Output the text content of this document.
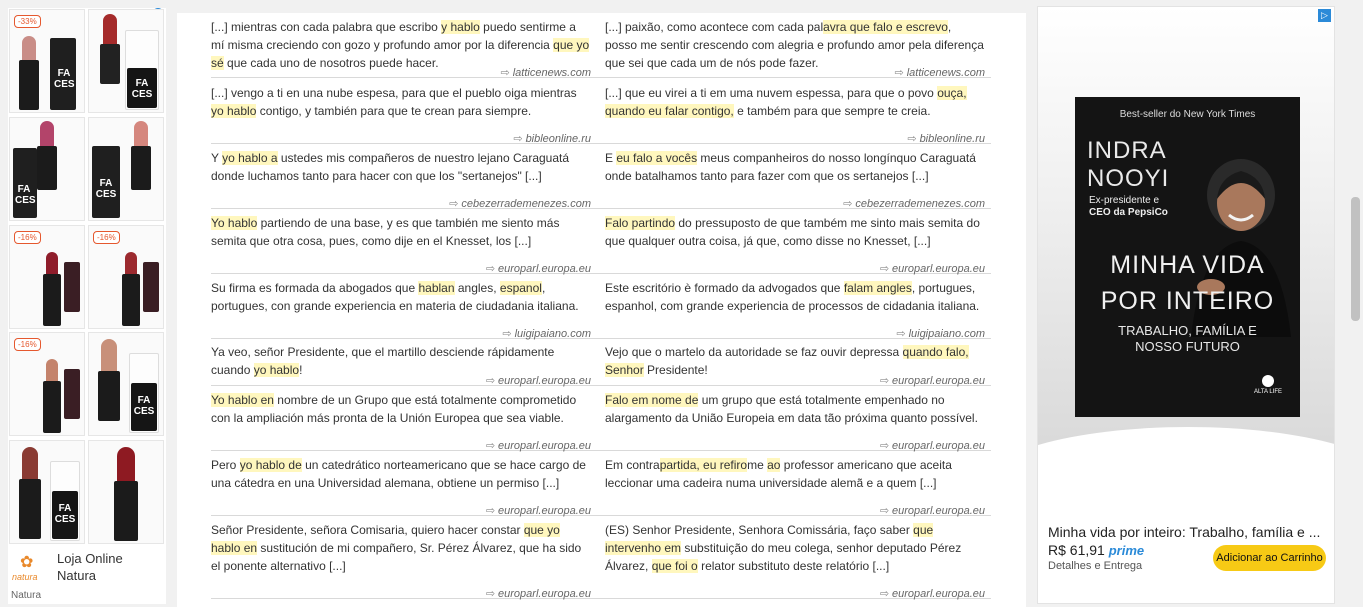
-33%
FA CES	FA CES
FA CES
FA CES
-16%	-16%
-16%
FA CES
FA CES
✿
natura
Loja Online Natura
Natura
[...] mientras con cada palabra que escribo y hablo puedo sentirme a mí misma creciendo con gozo y profundo amor por la diferencia que yo sé que cada uno de nosotros puede hacer.
⇨ latticenews.com
[...] paixão, como acontece com cada palavra que falo e escrevo, posso me sentir crescendo com alegria e profundo amor pela diferença que sei que cada um de nós pode fazer.
⇨ latticenews.com
[...] vengo a ti en una nube espesa, para que el pueblo oiga mientras yo hablo contigo, y también para que te crean para siempre.
⇨ bibleonline.ru
[...] que eu virei a ti em uma nuvem espessa, para que o povo ouça, quando eu falar contigo, e também para que sempre te creia.
⇨ bibleonline.ru
Y yo hablo a ustedes mis compañeros de nuestro lejano Caraguatá donde luchamos tanto para hacer con que los "sertanejos" [...]
⇨ cebezerrademenezes.com
E eu falo a vocês meus companheiros do nosso longínquo Caraguatá onde batalhamos tanto para fazer com que os sertanejos [...]
⇨ cebezerrademenezes.com
Yo hablo partiendo de una base, y es que también me siento más semita que otra cosa, pues, como dije en el Knesset, los [...]
⇨ europarl.europa.eu
Falo partindo do pressuposto de que também me sinto mais semita do que qualquer outra coisa, já que, como disse no Knesset, [...]
⇨ europarl.europa.eu
Su firma es formada da abogados que hablan angles, espanol, portugues, con grande experiencia en materia de ciudadania italiana.
⇨ luigipaiano.com
Este escritório è formado da advogados que falam angles, portugues, espanhol, com grande experiencia de processos de cidadania italiana.
⇨ luigipaiano.com
Ya veo, señor Presidente, que el martillo desciende rápidamente cuando yo hablo!
⇨ europarl.europa.eu
Vejo que o martelo da autoridade se faz ouvir depressa quando falo, Senhor Presidente!
⇨ europarl.europa.eu
Yo hablo en nombre de un Grupo que está totalmente comprometido con la ampliación más pronta de la Unión Europea que sea viable.
⇨ europarl.europa.eu
Falo em nome de um grupo que está totalmente empenhado no alargamento da União Europeia em data tão próxima quanto possível.
⇨ europarl.europa.eu
Pero yo hablo de un catedrático norteamericano que se hace cargo de una cátedra en una Universidad alemana, obtiene un permiso [...]
⇨ europarl.europa.eu
Em contrapartida, eu refirome ao professor americano que aceita leccionar uma cadeira numa universidade alemã e a quem [...]
⇨ europarl.europa.eu
Señor Presidente, señora Comisaria, quiero hacer constar que yo hablo en sustitución de mi compañero, Sr. Pérez Álvarez, que ha sido el ponente alternativo [...]
⇨ europarl.europa.eu
(ES) Senhor Presidente, Senhora Comissária, faço saber que intervenho em substituição do meu colega, senhor deputado Pérez Álvarez, que foi o relator substituto deste relatório [...]
⇨ europarl.europa.eu
▷
Best-seller do New York Times
INDRA
NOOYI
Ex-presidente e
CEO da PepsiCo
MINHA VIDA
POR INTEIRO
TRABALHO, FAMÍLIA E
NOSSO FUTURO
ALTA LIFE
Minha vida por inteiro: Trabalho, família e ...
R$ 61,91 prime
Detalhes e Entrega
Adicionar ao Carrinho
